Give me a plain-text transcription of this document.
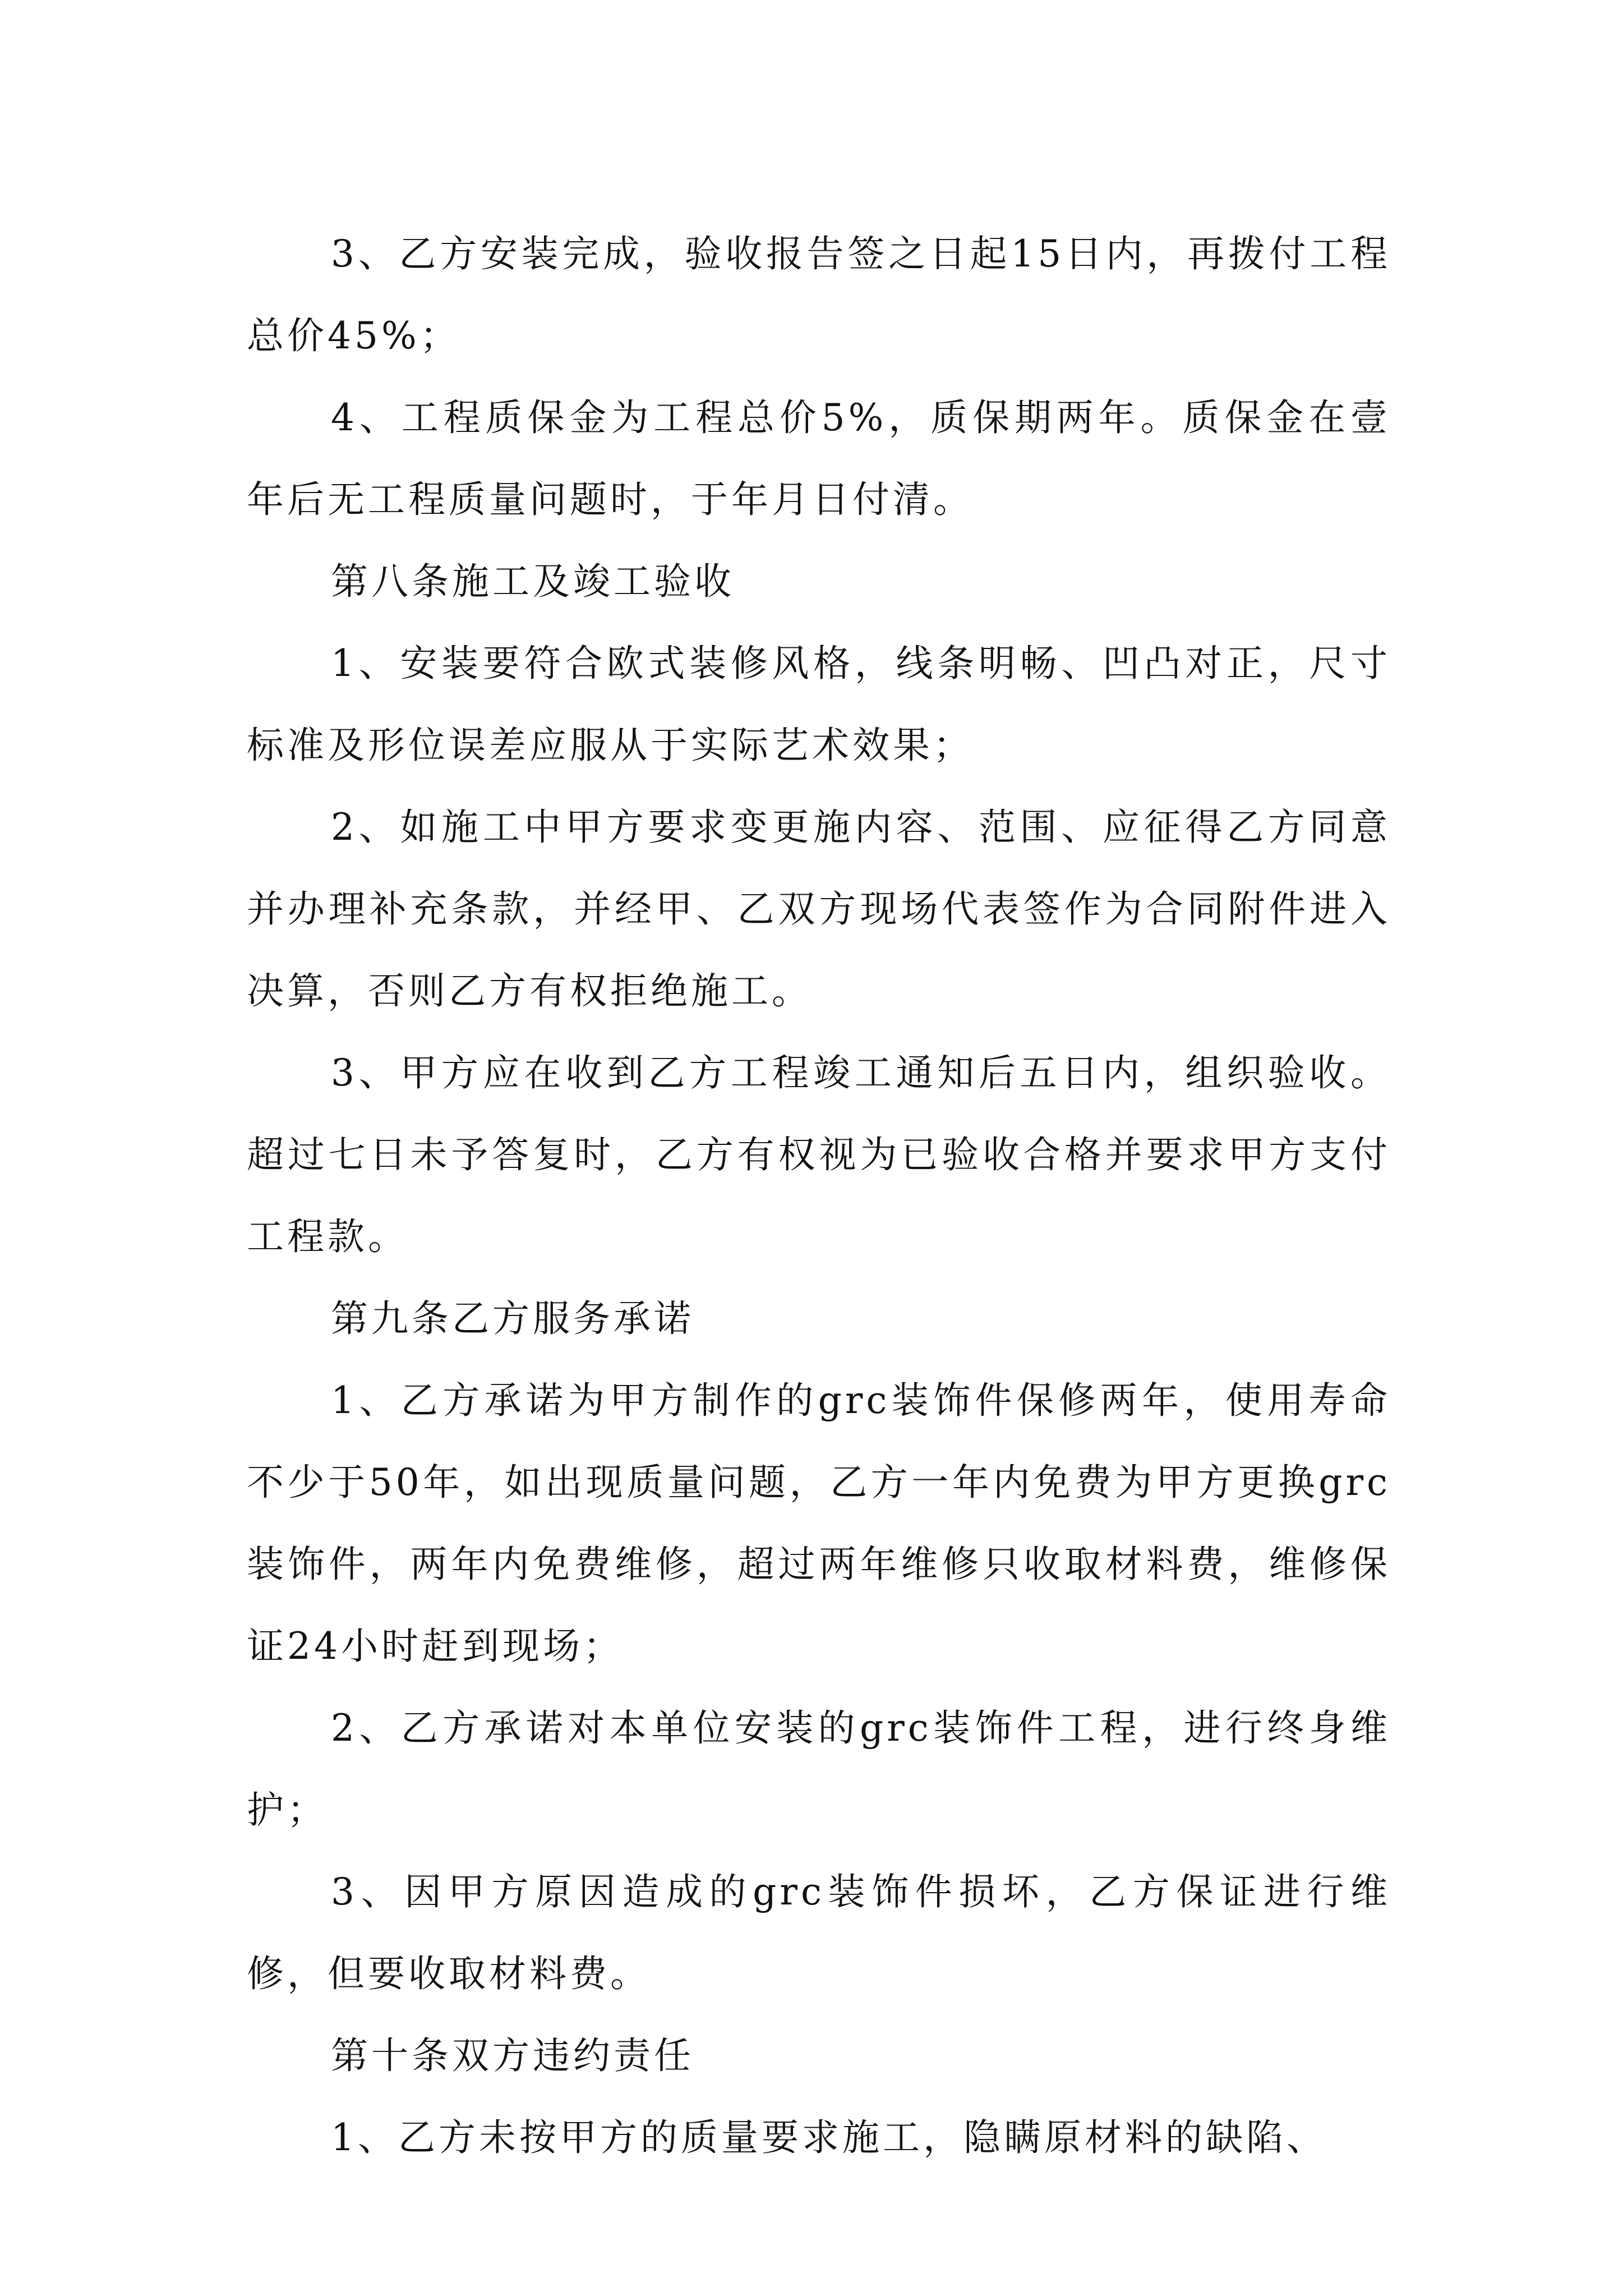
3、乙方安装完成，验收报告签之日起15日内，再拨付工程总价45%；

4、工程质保金为工程总价5%，质保期两年。质保金在壹年后无工程质量问题时，于年月日付清。

第八条施工及竣工验收

1、安装要符合欧式装修风格，线条明畅、凹凸对正，尺寸标准及形位误差应服从于实际艺术效果；

2、如施工中甲方要求变更施内容、范围、应征得乙方同意并办理补充条款，并经甲、乙双方现场代表签作为合同附件进入决算，否则乙方有权拒绝施工。

3、甲方应在收到乙方工程竣工通知后五日内，组织验收。超过七日未予答复时，乙方有权视为已验收合格并要求甲方支付工程款。

第九条乙方服务承诺

1、乙方承诺为甲方制作的grc装饰件保修两年，使用寿命不少于50年，如出现质量问题，乙方一年内免费为甲方更换grc装饰件，两年内免费维修，超过两年维修只收取材料费，维修保证24小时赶到现场；

2、乙方承诺对本单位安装的grc装饰件工程，进行终身维护；

3、因甲方原因造成的grc装饰件损坏，乙方保证进行维修，但要收取材料费。

第十条双方违约责任

1、乙方未按甲方的质量要求施工，隐瞒原材料的缺陷、
